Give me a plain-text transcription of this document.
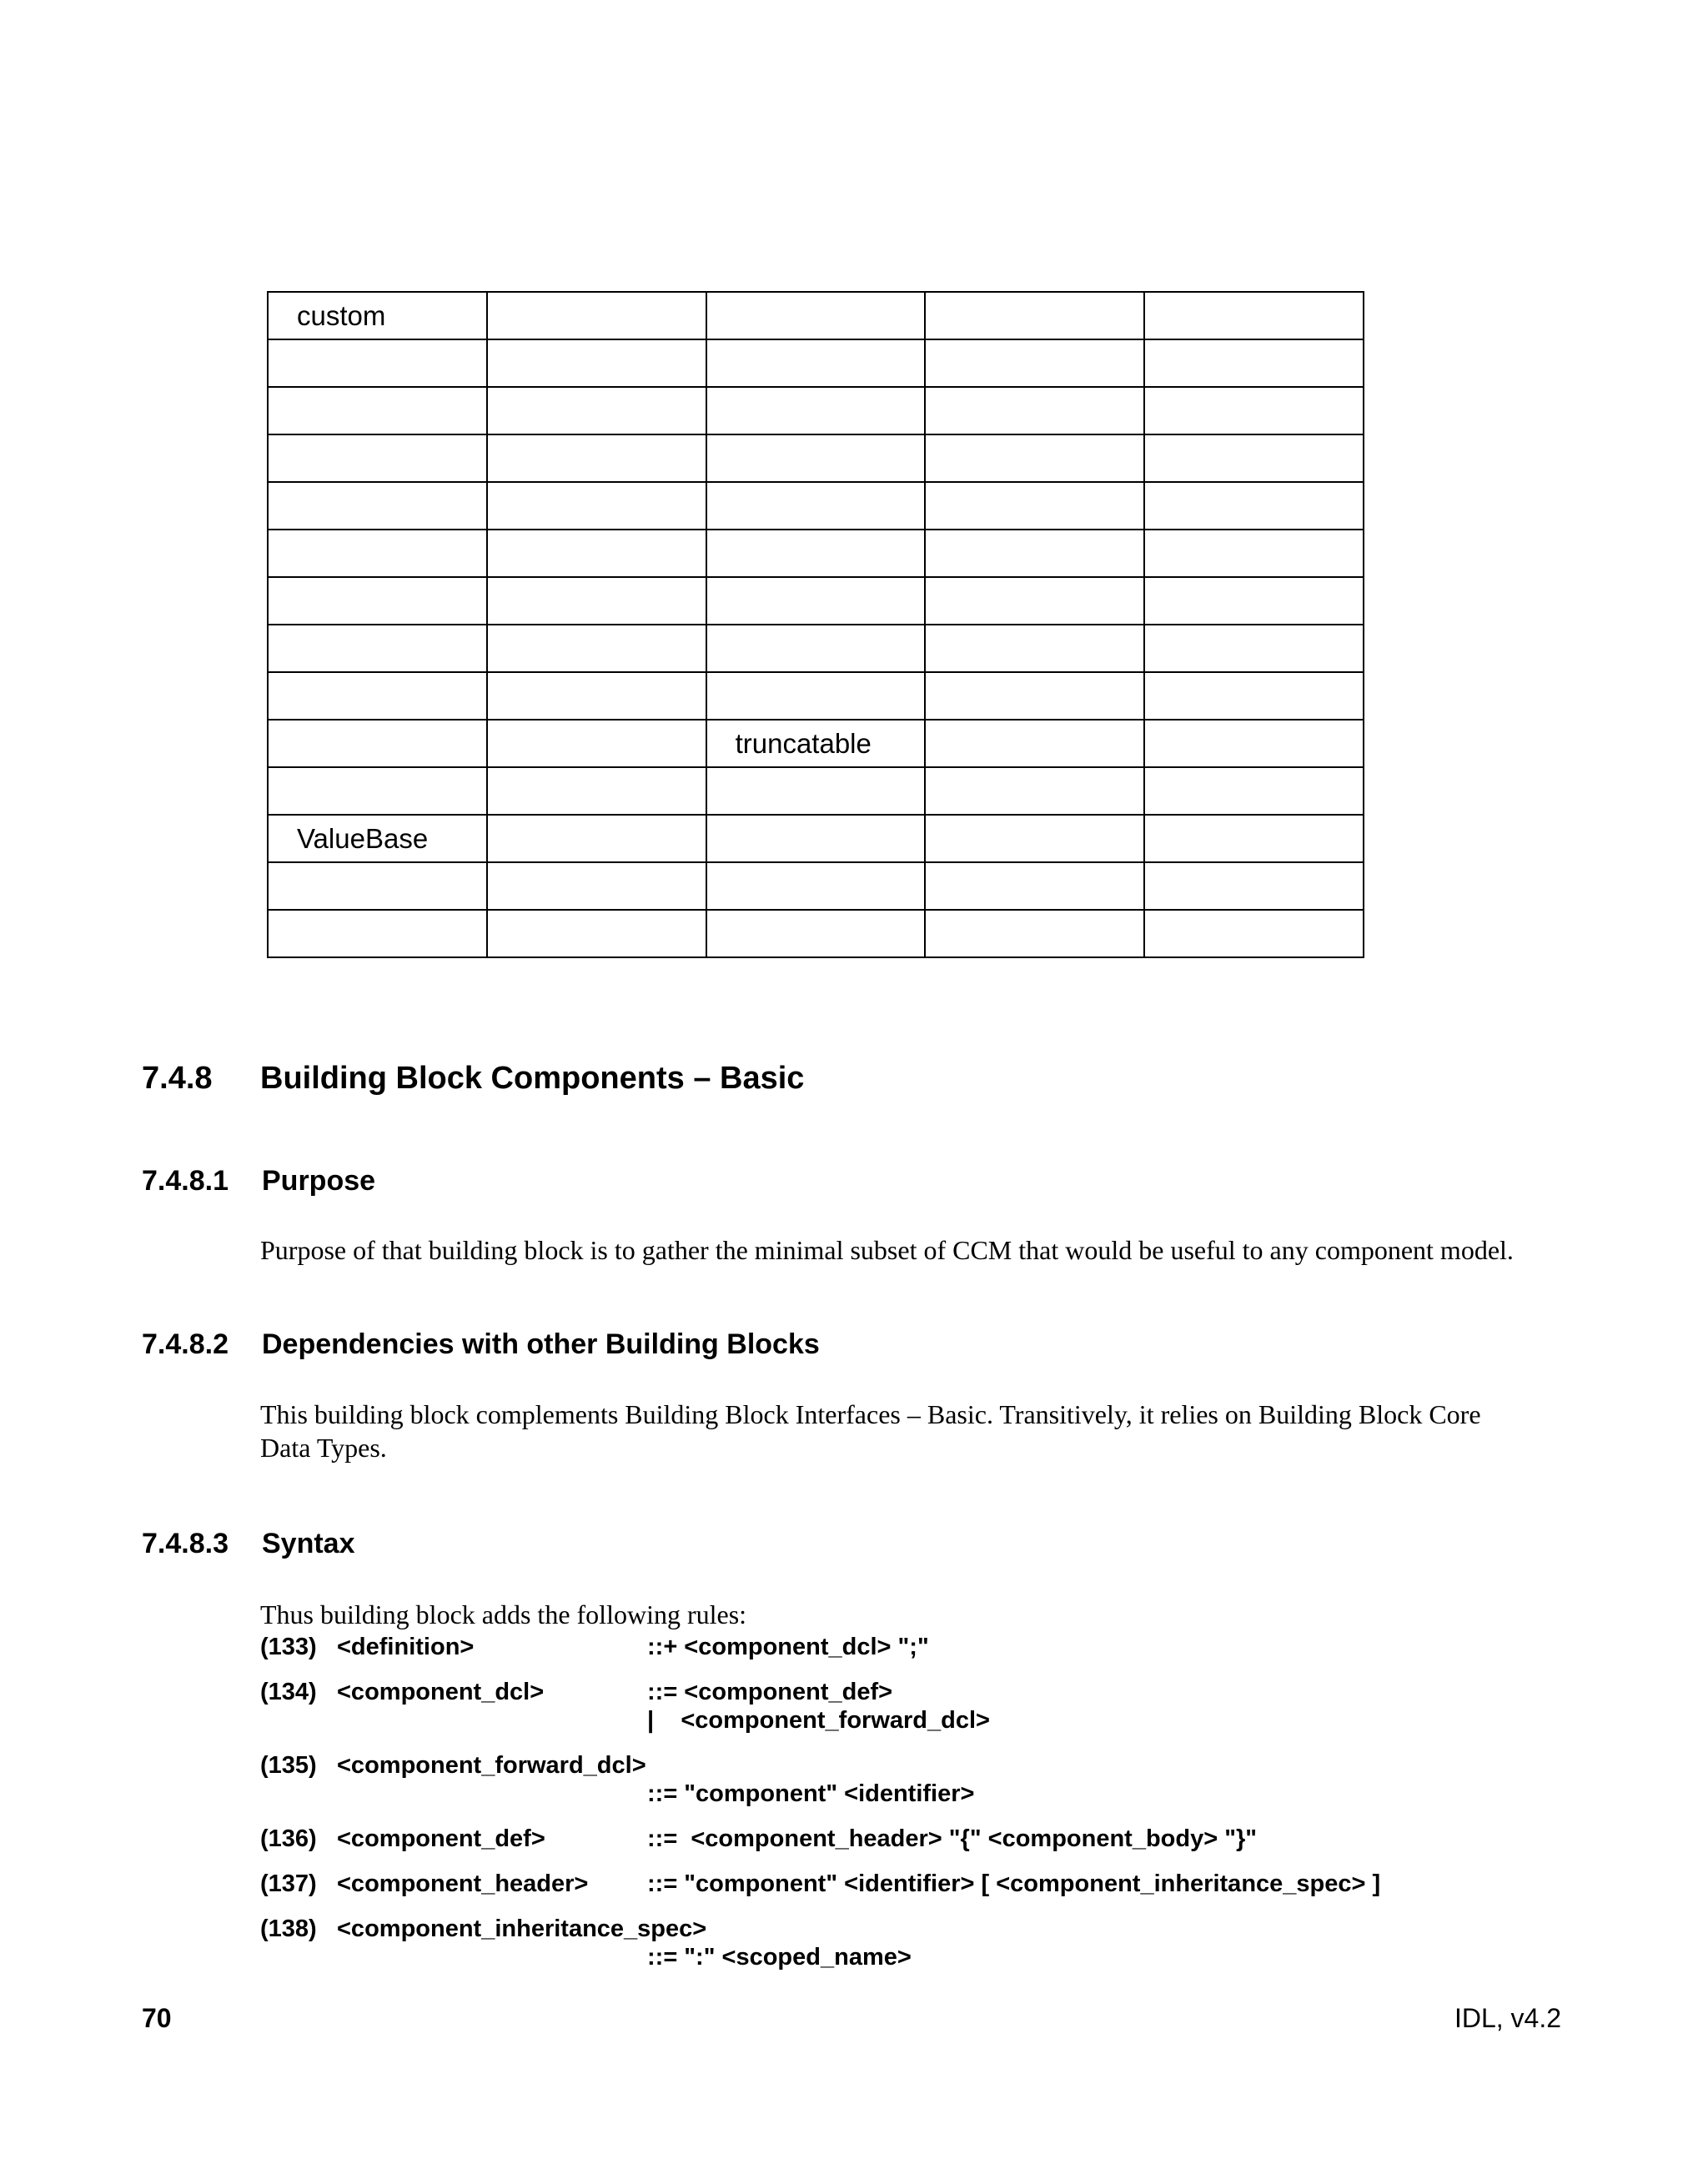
custom				

		truncatable		

ValueBase				

7.4.8 Building Block Components – Basic
7.4.8.1 Purpose

Purpose of that building block is to gather the minimal subset of CCM that would be useful to any component model.

7.4.8.2 Dependencies with other Building Blocks

This building block complements Building Block Interfaces – Basic. Transitively, it relies on Building Block Core
Data Types.

7.4.8.3 Syntax

Thus building block adds the following rules:

(133) <definition>	::+ <component_dcl> ";"
(134) <component_dcl>	::= <component_def>
|    <component_forward_dcl>
(135) <component_forward_dcl>
::= "component" <identifier>
(136) <component_def>	::=  <component_header> "{" <component_body> "}"
(137) <component_header> ::= "component" <identifier> [ <component_inheritance_spec> ]
(138) <component_inheritance_spec>
::= ":" <scoped_name>
70	IDL, v4.2
